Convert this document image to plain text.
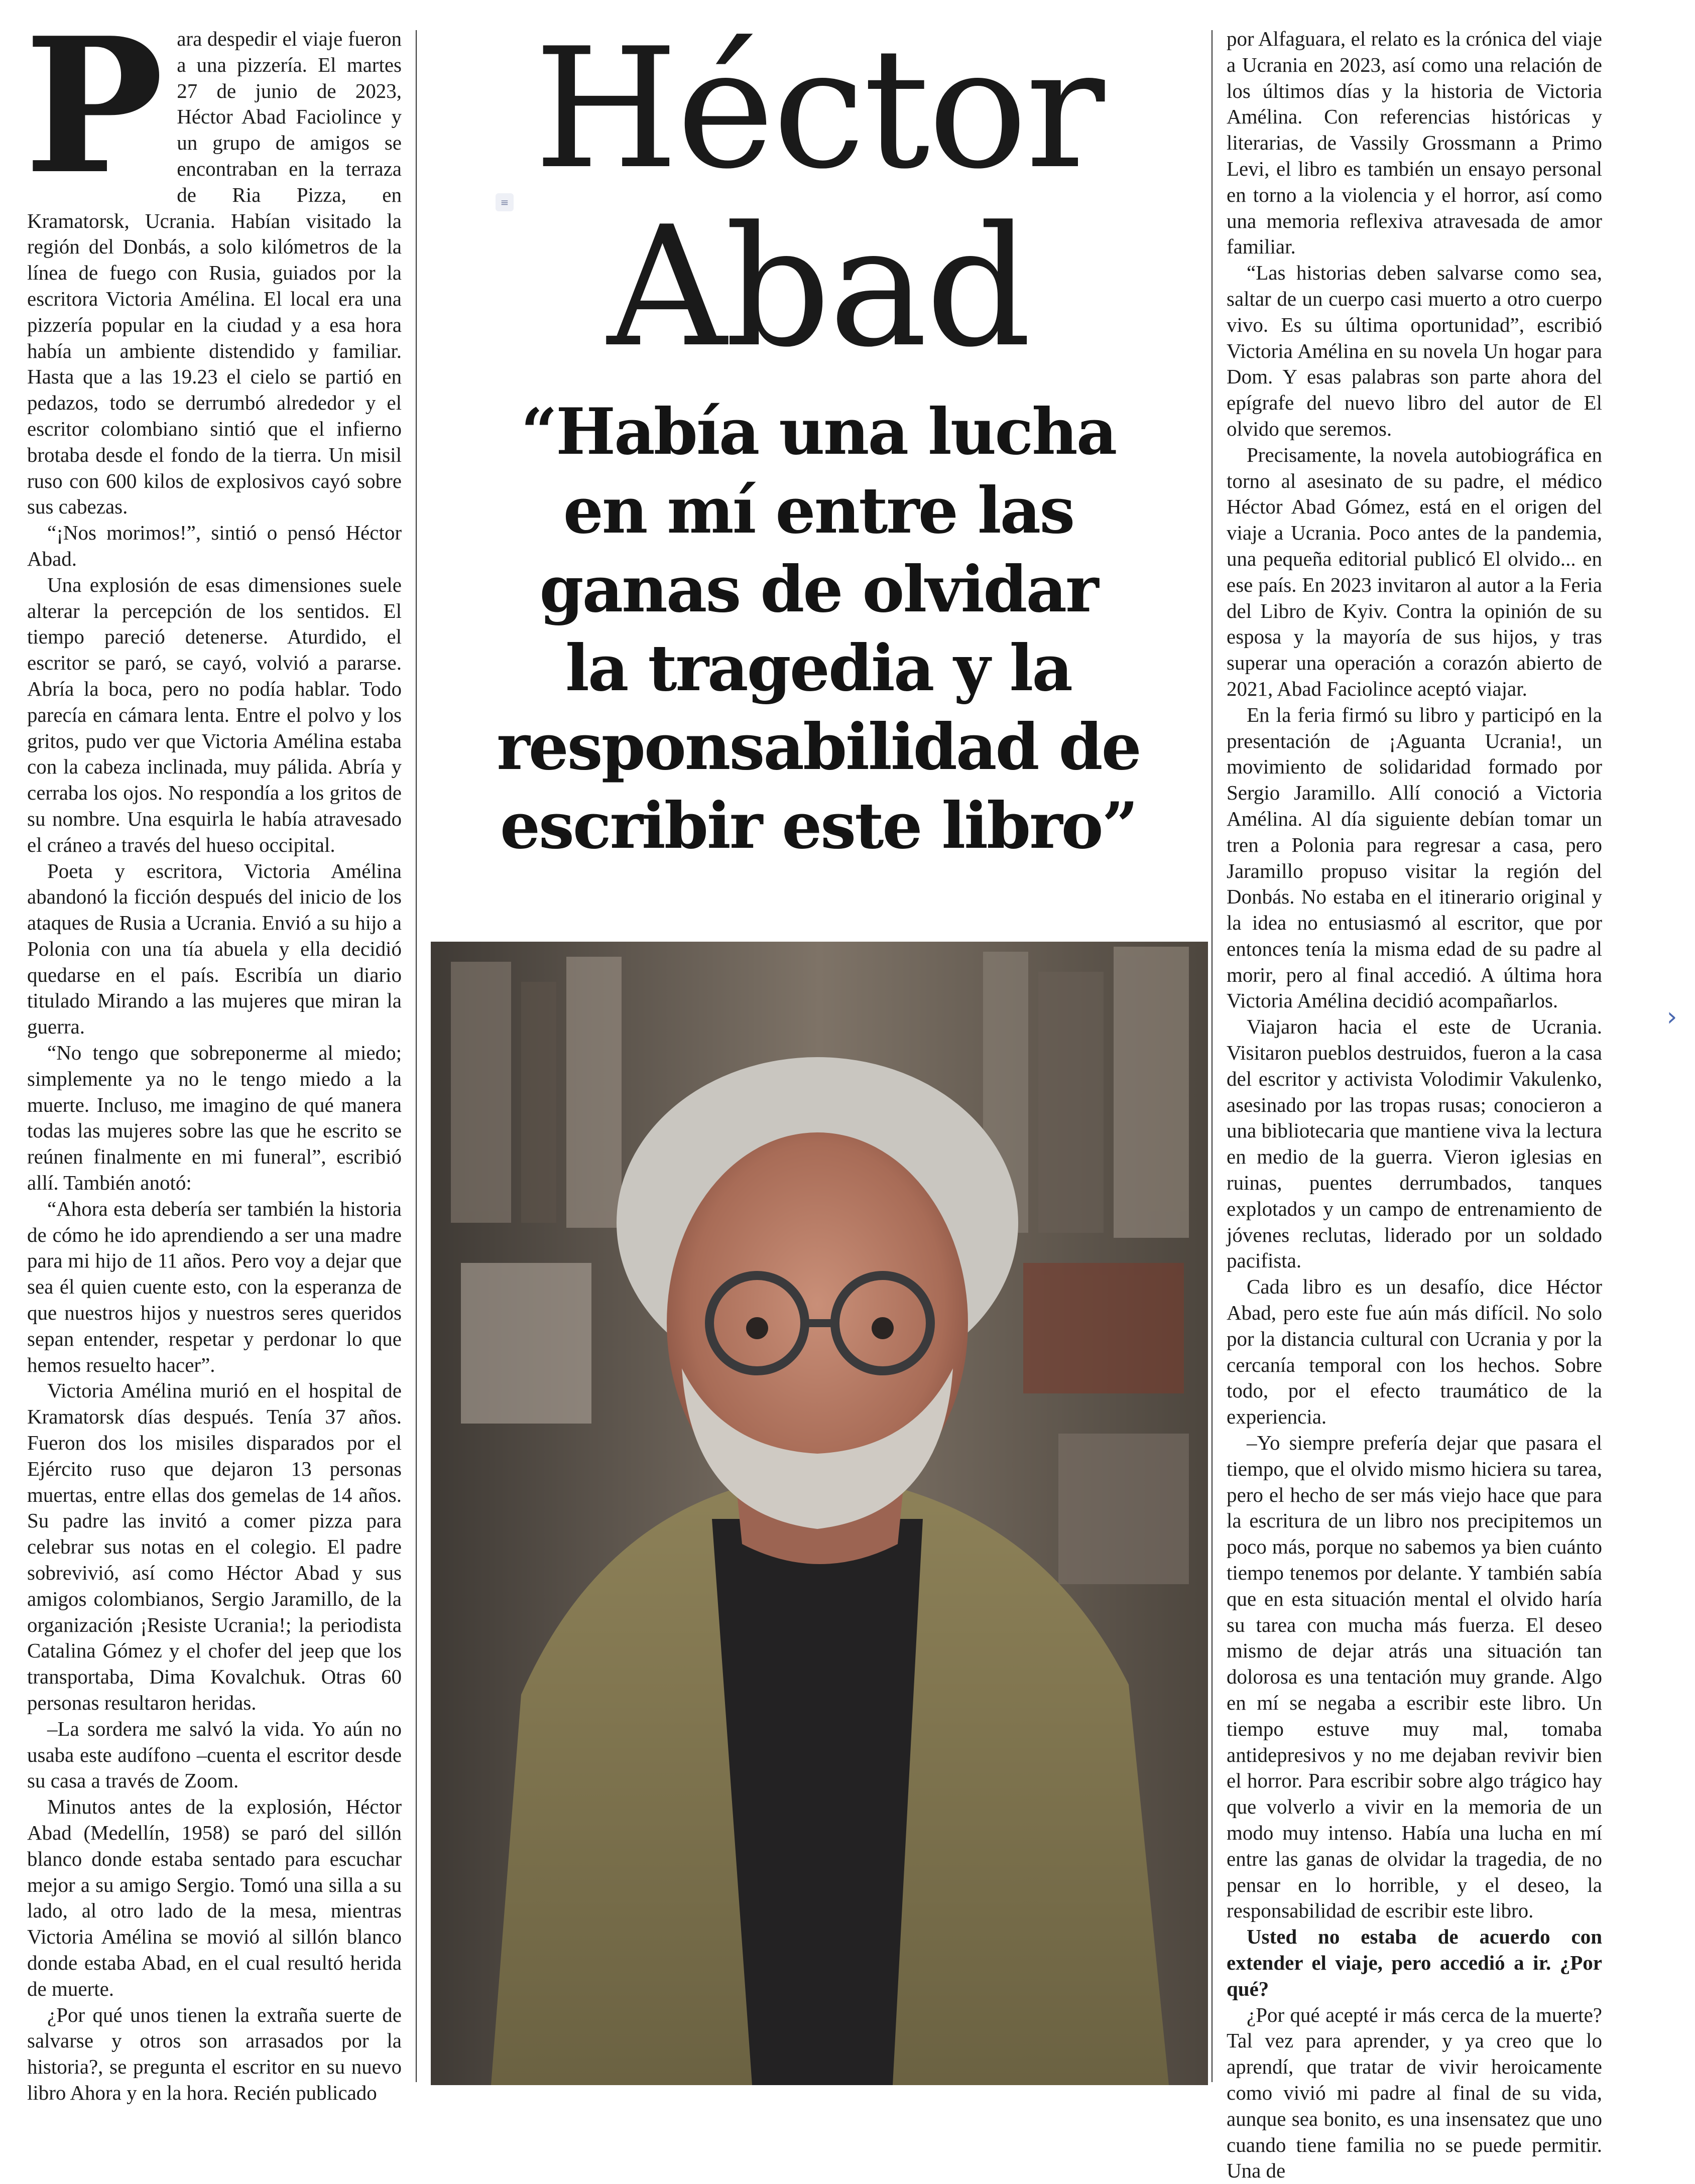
Para despedir el viaje fueron a una pizzería. El martes 27 de junio de 2023, Héctor Abad Faciolince y un grupo de amigos se encontraban en la terraza de Ria Pizza, en Kramatorsk, Ucrania. Habían visitado la región del Donbás, a solo kilómetros de la línea de fuego con Rusia, guiados por la escritora Victoria Amélina. El local era una pizzería popular en la ciudad y a esa hora había un ambiente distendido y familiar. Hasta que a las 19.23 el cielo se partió en pedazos, todo se derrumbó alrededor y el escritor colombiano sintió que el infierno brotaba desde el fondo de la tierra. Un misil ruso con 600 kilos de explosivos cayó sobre sus cabezas.

“¡Nos morimos!”, sintió o pensó Héctor Abad.

Una explosión de esas dimensiones suele alterar la percepción de los sentidos. El tiempo pareció detenerse. Aturdido, el escritor se paró, se cayó, volvió a pararse. Abría la boca, pero no podía hablar. Todo parecía en cámara lenta. Entre el polvo y los gritos, pudo ver que Victoria Amélina estaba con la cabeza inclinada, muy pálida. Abría y cerraba los ojos. No respondía a los gritos de su nombre. Una esquirla le había atravesado el cráneo a través del hueso occipital.

Poeta y escritora, Victoria Amélina abandonó la ficción después del inicio de los ataques de Rusia a Ucrania. Envió a su hijo a Polonia con una tía abuela y ella decidió quedarse en el país. Escribía un diario titulado Mirando a las mujeres que miran la guerra.

“No tengo que sobreponerme al miedo; simplemente ya no le tengo miedo a la muerte. Incluso, me imagino de qué manera todas las mujeres sobre las que he escrito se reúnen finalmente en mi funeral”, escribió allí. También anotó:

“Ahora esta debería ser también la historia de cómo he ido aprendiendo a ser una madre para mi hijo de 11 años. Pero voy a dejar que sea él quien cuente esto, con la esperanza de que nuestros hijos y nuestros seres queridos sepan entender, respetar y perdonar lo que hemos resuelto hacer”.

Victoria Amélina murió en el hospital de Kramatorsk días después. Tenía 37 años. Fueron dos los misiles disparados por el Ejército ruso que dejaron 13 personas muertas, entre ellas dos gemelas de 14 años. Su padre las invitó a comer pizza para celebrar sus notas en el colegio. El padre sobrevivió, así como Héctor Abad y sus amigos colombianos, Sergio Jaramillo, de la organización ¡Resiste Ucrania!; la periodista Catalina Gómez y el chofer del jeep que los transportaba, Dima Kovalchuk. Otras 60 personas resultaron heridas.

–La sordera me salvó la vida. Yo aún no usaba este audífono –cuenta el escritor desde su casa a través de Zoom.

Minutos antes de la explosión, Héctor Abad (Medellín, 1958) se paró del sillón blanco donde estaba sentado para escuchar mejor a su amigo Sergio. Tomó una silla a su lado, al otro lado de la mesa, mientras Victoria Amélina se movió al sillón blanco donde estaba Abad, en el cual resultó herida de muerte.

¿Por qué unos tienen la extraña suerte de salvarse y otros son arrasados por la historia?, se pregunta el escritor en su nuevo libro Ahora y en la hora. Recién publicado

Héctor
Abad
≡
“Había una lucha
en mí entre las
ganas de olvidar
la tragedia y la
responsabilidad de
escribir este libro”

por Alfaguara, el relato es la crónica del viaje a Ucrania en 2023, así como una relación de los últimos días y la historia de Victoria Amélina. Con referencias históricas y literarias, de Vassily Grossmann a Primo Levi, el libro es también un ensayo personal en torno a la violencia y el horror, así como una memoria reflexiva atravesada de amor familiar.

“Las historias deben salvarse como sea, saltar de un cuerpo casi muerto a otro cuerpo vivo. Es su última oportunidad”, escribió Victoria Amélina en su novela Un hogar para Dom. Y esas palabras son parte ahora del epígrafe del nuevo libro del autor de El olvido que seremos.

Precisamente, la novela autobiográfica en torno al asesinato de su padre, el médico Héctor Abad Gómez, está en el origen del viaje a Ucrania. Poco antes de la pandemia, una pequeña editorial publicó El olvido... en ese país. En 2023 invitaron al autor a la Feria del Libro de Kyiv. Contra la opinión de su esposa y la mayoría de sus hijos, y tras superar una operación a corazón abierto de 2021, Abad Faciolince aceptó viajar.

En la feria firmó su libro y participó en la presentación de ¡Aguanta Ucrania!, un movimiento de solidaridad formado por Sergio Jaramillo. Allí conoció a Victoria Amélina. Al día siguiente debían tomar un tren a Polonia para regresar a casa, pero Jaramillo propuso visitar la región del Donbás. No estaba en el itinerario original y la idea no entusiasmó al escritor, que por entonces tenía la misma edad de su padre al morir, pero al final accedió. A última hora Victoria Amélina decidió acompañarlos.

Viajaron hacia el este de Ucrania. Visitaron pueblos destruidos, fueron a la casa del escritor y activista Volodimir Vakulenko, asesinado por las tropas rusas; conocieron a una bibliotecaria que mantiene viva la lectura en medio de la guerra. Vieron iglesias en ruinas, puentes derrumbados, tanques explotados y un campo de entrenamiento de jóvenes reclutas, liderado por un soldado pacifista.

Cada libro es un desafío, dice Héctor Abad, pero este fue aún más difícil. No solo por la distancia cultural con Ucrania y por la cercanía temporal con los hechos. Sobre todo, por el efecto traumático de la experiencia.

–Yo siempre prefería dejar que pasara el tiempo, que el olvido mismo hiciera su tarea, pero el hecho de ser más viejo hace que para la escritura de un libro nos precipitemos un poco más, porque no sabemos ya bien cuánto tiempo tenemos por delante. Y también sabía que en esta situación mental el olvido haría su tarea con mucha más fuerza. El deseo mismo de dejar atrás una situación tan dolorosa es una tentación muy grande. Algo en mí se negaba a escribir este libro. Un tiempo estuve muy mal, tomaba antidepresivos y no me dejaban revivir bien el horror. Para escribir sobre algo trágico hay que volverlo a vivir en la memoria de un modo muy intenso. Había una lucha en mí entre las ganas de olvidar la tragedia, de no pensar en lo horrible, y el deseo, la responsabilidad de escribir este libro.

Usted no estaba de acuerdo con extender el viaje, pero accedió a ir. ¿Por qué?

¿Por qué acepté ir más cerca de la muerte? Tal vez para aprender, y ya creo que lo aprendí, que tratar de vivir heroicamente como vivió mi padre al final de su vida, aunque sea bonito, es una insensatez que uno cuando tiene familia no se puede permitir. Una de

›
